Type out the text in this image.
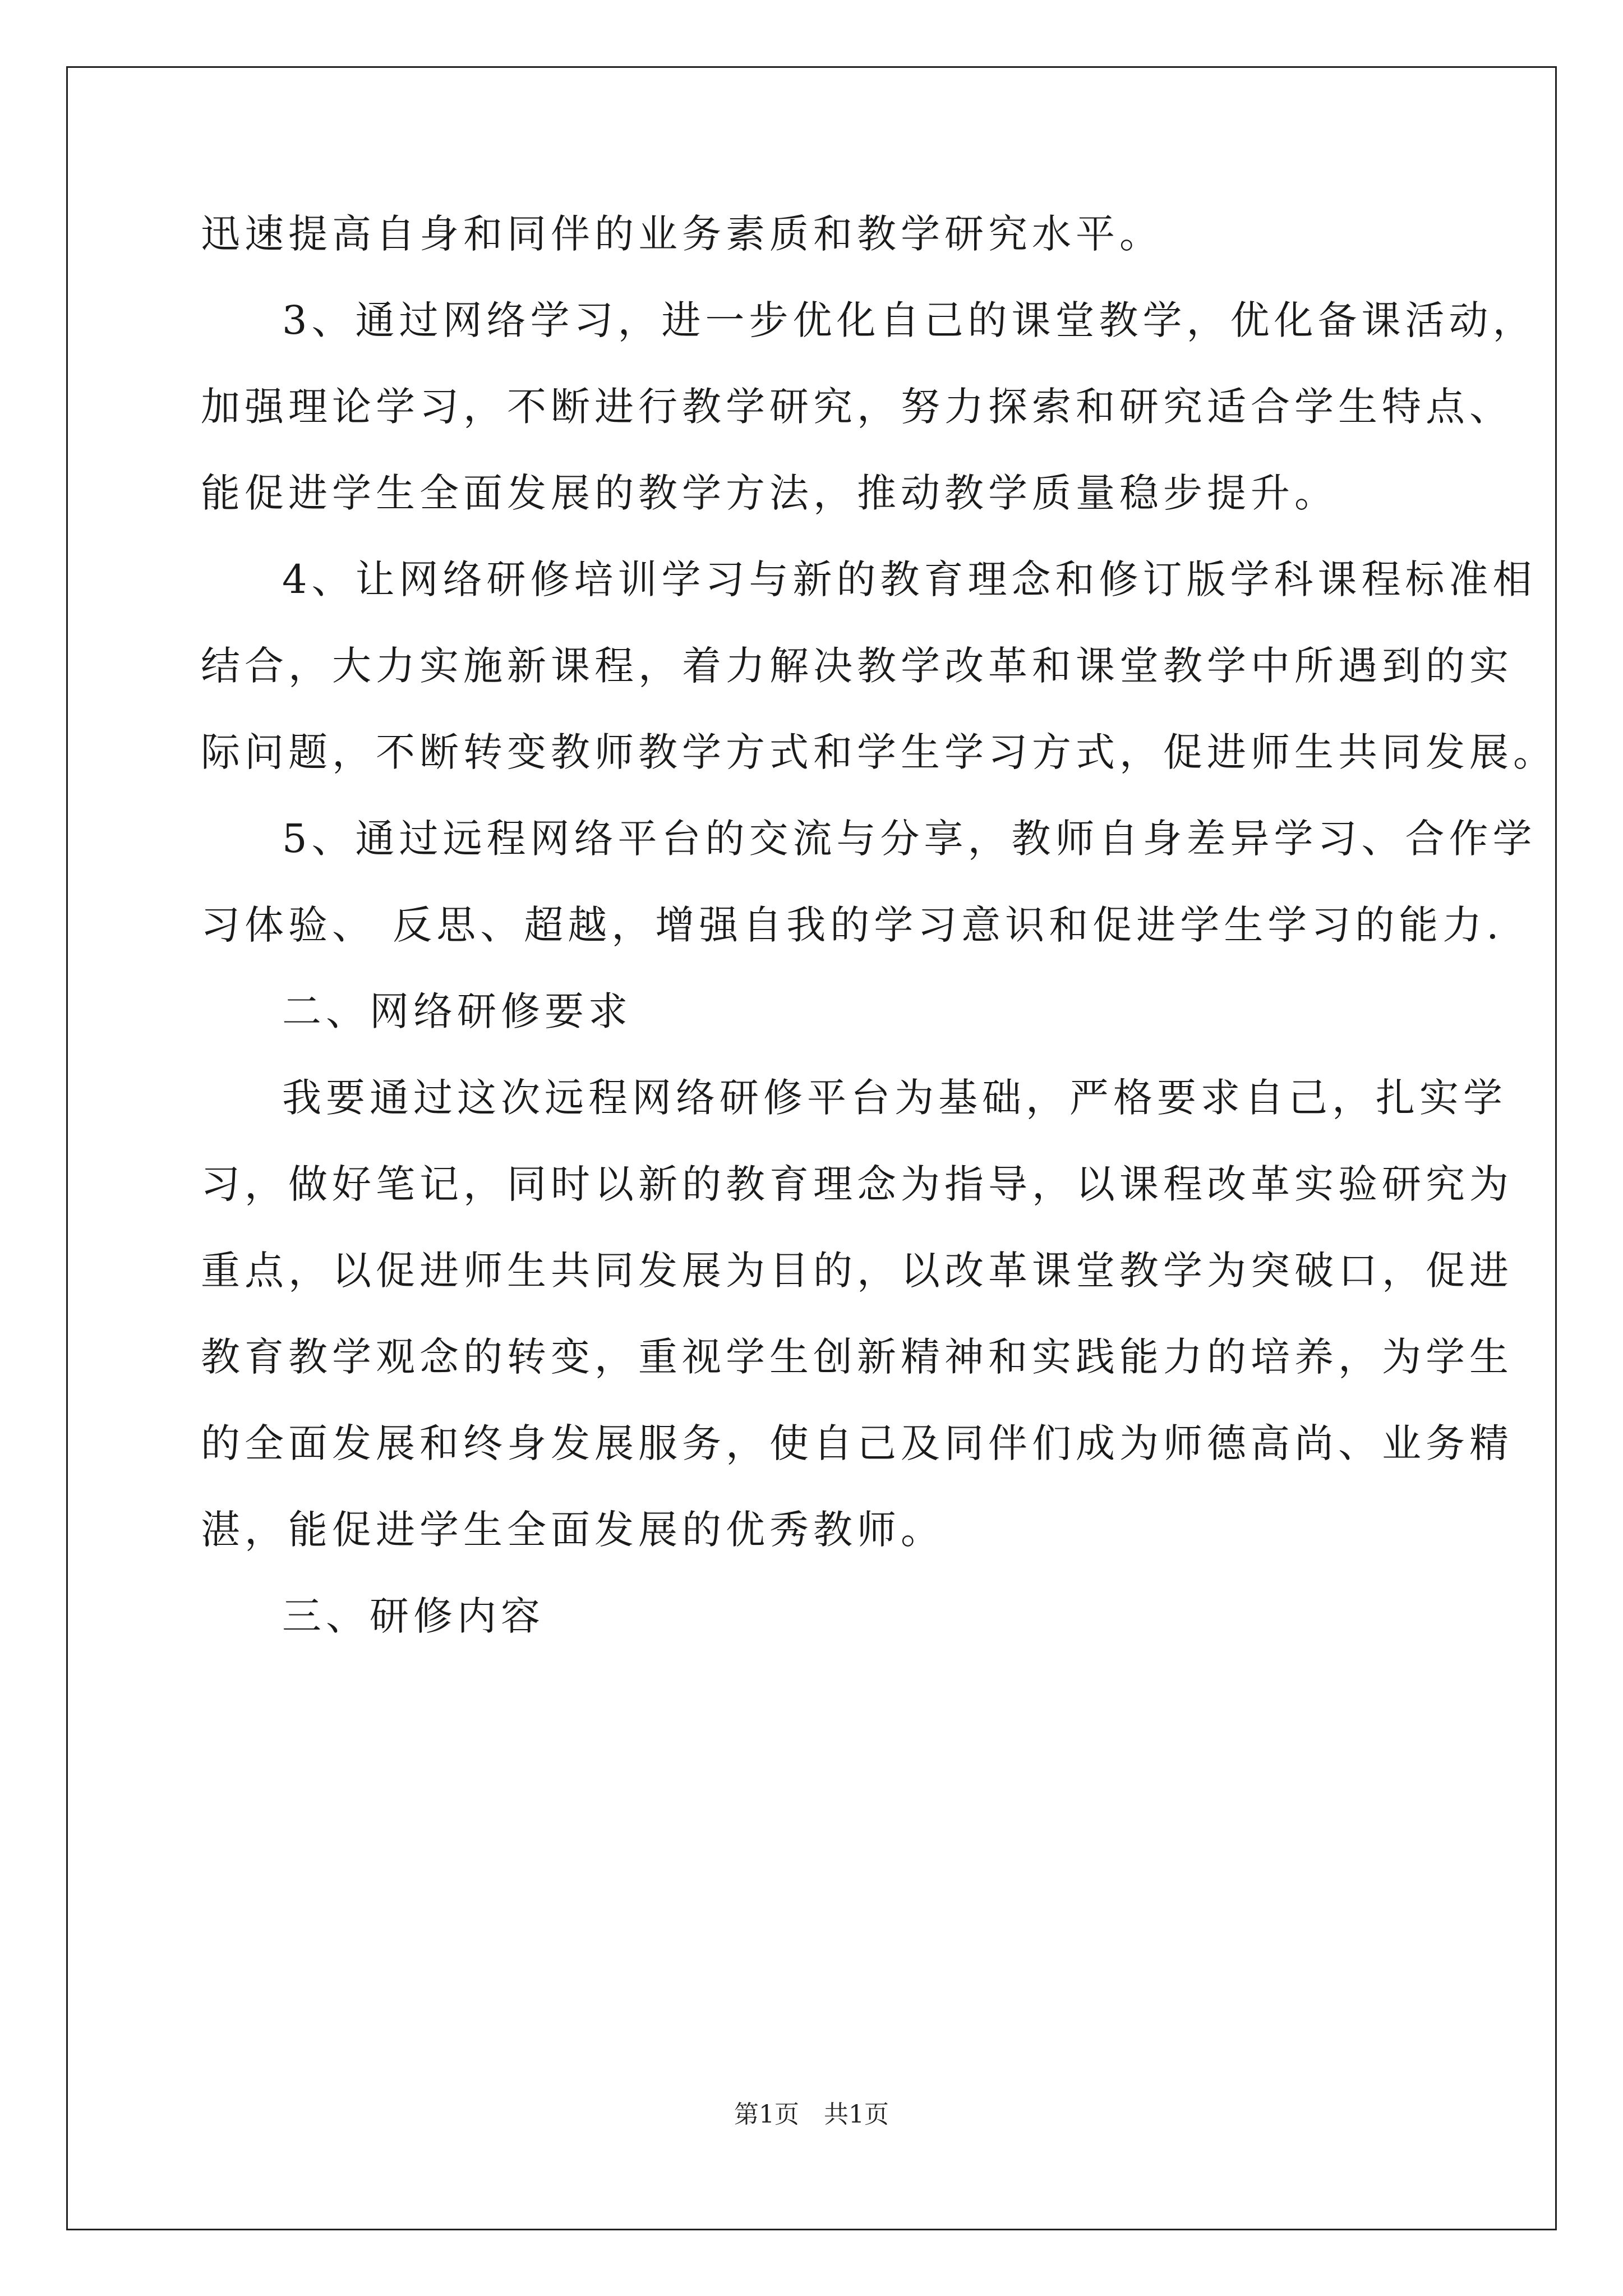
迅速提高自身和同伴的业务素质和教学研究水平。
3、通过网络学习，进一步优化自己的课堂教学，优化备课活动，
加强理论学习，不断进行教学研究，努力探索和研究适合学生特点、
能促进学生全面发展的教学方法，推动教学质量稳步提升。
4、让网络研修培训学习与新的教育理念和修订版学科课程标准相
结合，大力实施新课程，着力解决教学改革和课堂教学中所遇到的实
际问题，不断转变教师教学方式和学生学习方式，促进师生共同发展。
5、通过远程网络平台的交流与分享，教师自身差异学习、合作学
习体验、 反思、超越，增强自我的学习意识和促进学生学习的能力.
二、网络研修要求
我要通过这次远程网络研修平台为基础，严格要求自己，扎实学
习，做好笔记，同时以新的教育理念为指导，以课程改革实验研究为
重点，以促进师生共同发展为目的，以改革课堂教学为突破口，促进
教育教学观念的转变，重视学生创新精神和实践能力的培养，为学生
的全面发展和终身发展服务，使自己及同伴们成为师德高尚、业务精
湛，能促进学生全面发展的优秀教师。
三、研修内容
第1页　共1页
